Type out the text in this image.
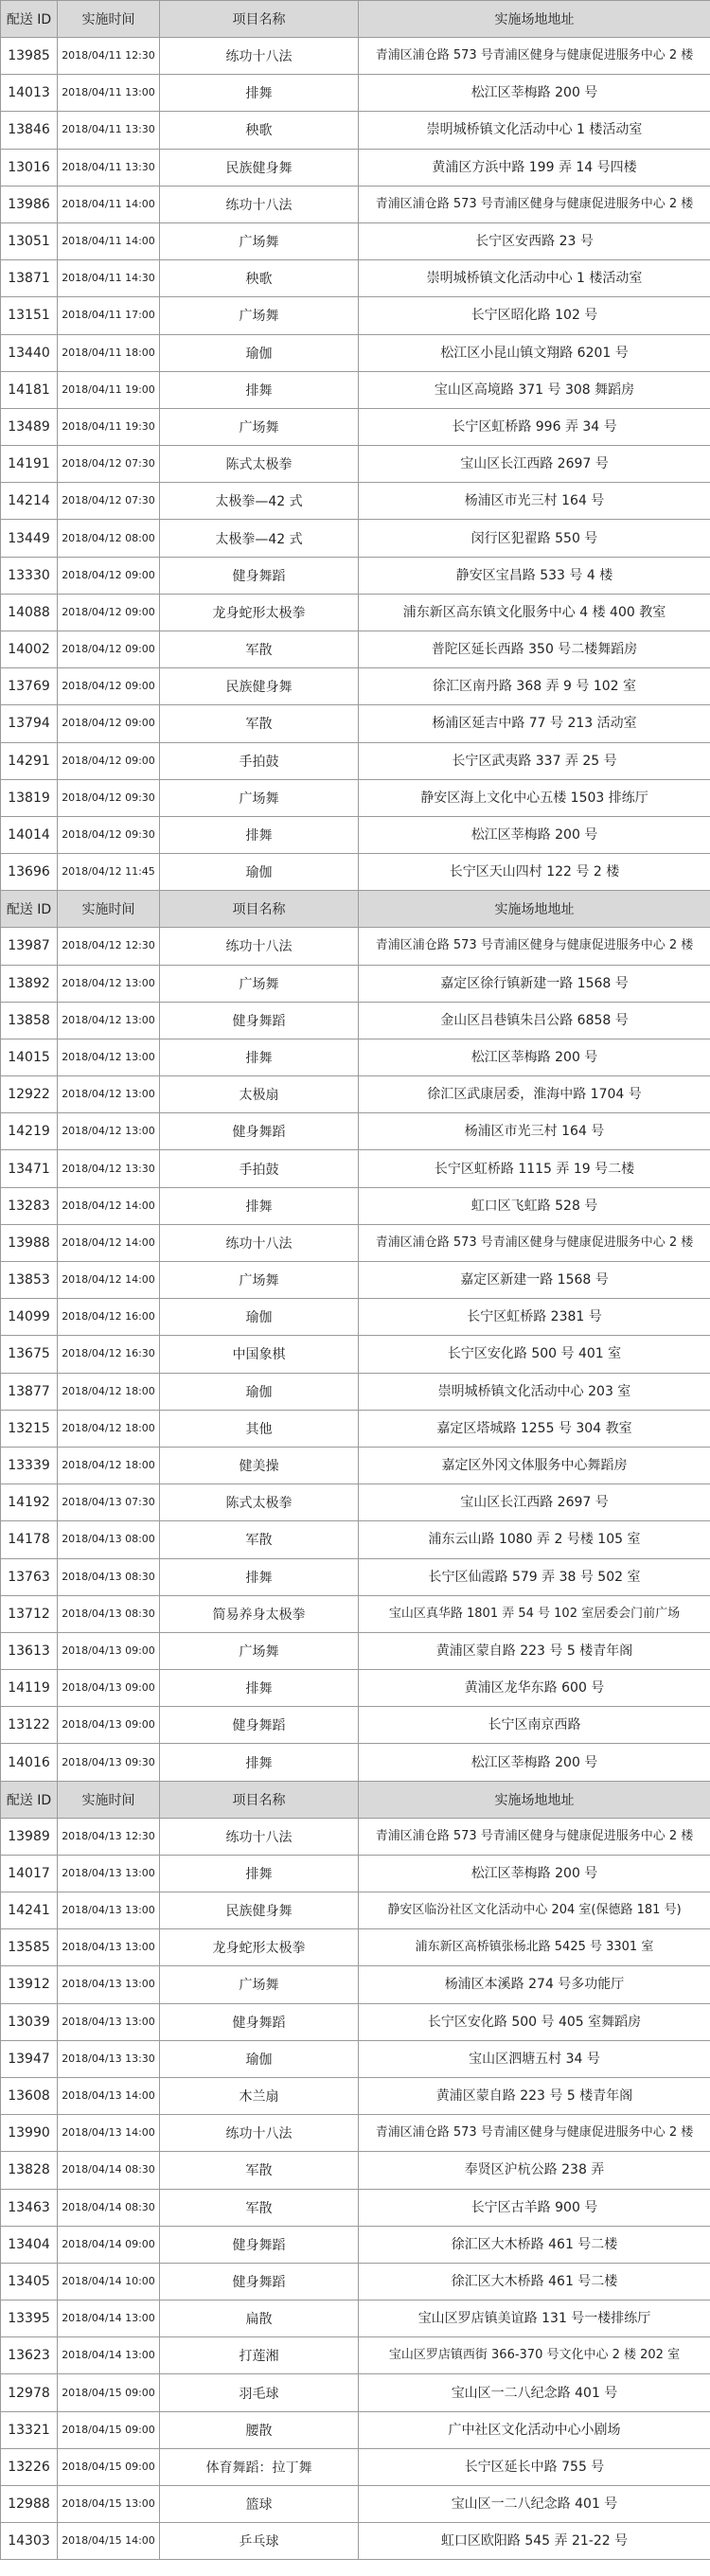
配送 ID	实施时间	项目名称	实施场地地址
13985	2018/04/11 12:30	练功十八法	青浦区浦仓路 573 号青浦区健身与健康促进服务中心 2 楼
14013	2018/04/11 13:00	排舞	松江区莘梅路 200 号
13846	2018/04/11 13:30	秧歌	崇明城桥镇文化活动中心 1 楼活动室
13016	2018/04/11 13:30	民族健身舞	黄浦区方浜中路 199 弄 14 号四楼
13986	2018/04/11 14:00	练功十八法	青浦区浦仓路 573 号青浦区健身与健康促进服务中心 2 楼
13051	2018/04/11 14:00	广场舞	长宁区安西路 23 号
13871	2018/04/11 14:30	秧歌	崇明城桥镇文化活动中心 1 楼活动室
13151	2018/04/11 17:00	广场舞	长宁区昭化路 102 号
13440	2018/04/11 18:00	瑜伽	松江区小昆山镇文翔路 6201 号
14181	2018/04/11 19:00	排舞	宝山区高境路 371 号 308 舞蹈房
13489	2018/04/11 19:30	广场舞	长宁区虹桥路 996 弄 34 号
14191	2018/04/12 07:30	陈式太极拳	宝山区长江西路 2697 号
14214	2018/04/12 07:30	太极拳—42 式	杨浦区市光三村 164 号
13449	2018/04/12 08:00	太极拳—42 式	闵行区犯翟路 550 号
13330	2018/04/12 09:00	健身舞蹈	静安区宝昌路 533 号 4 楼
14088	2018/04/12 09:00	龙身蛇形太极拳	浦东新区高东镇文化服务中心 4 楼 400 教室
14002	2018/04/12 09:00	军散	普陀区延长西路 350 号二楼舞蹈房
13769	2018/04/12 09:00	民族健身舞	徐汇区南丹路 368 弄 9 号 102 室
13794	2018/04/12 09:00	军散	杨浦区延吉中路 77 号 213 活动室
14291	2018/04/12 09:00	手拍鼓	长宁区武夷路 337 弄 25 号
13819	2018/04/12 09:30	广场舞	静安区海上文化中心五楼 1503 排练厅
14014	2018/04/12 09:30	排舞	松江区莘梅路 200 号
13696	2018/04/12 11:45	瑜伽	长宁区天山四村 122 号 2 楼
配送 ID	实施时间	项目名称	实施场地地址
13987	2018/04/12 12:30	练功十八法	青浦区浦仓路 573 号青浦区健身与健康促进服务中心 2 楼
13892	2018/04/12 13:00	广场舞	嘉定区徐行镇新建一路 1568 号
13858	2018/04/12 13:00	健身舞蹈	金山区吕巷镇朱吕公路 6858 号
14015	2018/04/12 13:00	排舞	松江区莘梅路 200 号
12922	2018/04/12 13:00	太极扇	徐汇区武康居委，淮海中路 1704 号
14219	2018/04/12 13:00	健身舞蹈	杨浦区市光三村 164 号
13471	2018/04/12 13:30	手拍鼓	长宁区虹桥路 1115 弄 19 号二楼
13283	2018/04/12 14:00	排舞	虹口区飞虹路 528 号
13988	2018/04/12 14:00	练功十八法	青浦区浦仓路 573 号青浦区健身与健康促进服务中心 2 楼
13853	2018/04/12 14:00	广场舞	嘉定区新建一路 1568 号
14099	2018/04/12 16:00	瑜伽	长宁区虹桥路 2381 号
13675	2018/04/12 16:30	中国象棋	长宁区安化路 500 号 401 室
13877	2018/04/12 18:00	瑜伽	崇明城桥镇文化活动中心 203 室
13215	2018/04/12 18:00	其他	嘉定区塔城路 1255 号 304 教室
13339	2018/04/12 18:00	健美操	嘉定区外冈文体服务中心舞蹈房
14192	2018/04/13 07:30	陈式太极拳	宝山区长江西路 2697 号
14178	2018/04/13 08:00	军散	浦东云山路 1080 弄 2 号楼 105 室
13763	2018/04/13 08:30	排舞	长宁区仙霞路 579 弄 38 号 502 室
13712	2018/04/13 08:30	简易养身太极拳	宝山区真华路 1801 弄 54 号 102 室居委会门前广场
13613	2018/04/13 09:00	广场舞	黄浦区蒙自路 223 号 5 楼青年阁
14119	2018/04/13 09:00	排舞	黄浦区龙华东路 600 号
13122	2018/04/13 09:00	健身舞蹈	长宁区南京西路
14016	2018/04/13 09:30	排舞	松江区莘梅路 200 号
配送 ID	实施时间	项目名称	实施场地地址
13989	2018/04/13 12:30	练功十八法	青浦区浦仓路 573 号青浦区健身与健康促进服务中心 2 楼
14017	2018/04/13 13:00	排舞	松江区莘梅路 200 号
14241	2018/04/13 13:00	民族健身舞	静安区临汾社区文化活动中心 204 室(保德路 181 号)
13585	2018/04/13 13:00	龙身蛇形太极拳	浦东新区高桥镇张杨北路 5425 号 3301 室
13912	2018/04/13 13:00	广场舞	杨浦区本溪路 274 号多功能厅
13039	2018/04/13 13:00	健身舞蹈	长宁区安化路 500 号 405 室舞蹈房
13947	2018/04/13 13:30	瑜伽	宝山区泗塘五村 34 号
13608	2018/04/13 14:00	木兰扇	黄浦区蒙自路 223 号 5 楼青年阁
13990	2018/04/13 14:00	练功十八法	青浦区浦仓路 573 号青浦区健身与健康促进服务中心 2 楼
13828	2018/04/14 08:30	军散	奉贤区沪杭公路 238 弄
13463	2018/04/14 08:30	军散	长宁区古羊路 900 号
13404	2018/04/14 09:00	健身舞蹈	徐汇区大木桥路 461 号二楼
13405	2018/04/14 10:00	健身舞蹈	徐汇区大木桥路 461 号二楼
13395	2018/04/14 13:00	扁散	宝山区罗店镇美谊路 131 号一楼排练厅
13623	2018/04/14 13:00	打莲湘	宝山区罗店镇西街 366-370 号文化中心 2 楼 202 室
12978	2018/04/15 09:00	羽毛球	宝山区一二八纪念路 401 号
13321	2018/04/15 09:00	腰散	广中社区文化活动中心小剧场
13226	2018/04/15 09:00	体育舞蹈：拉丁舞	长宁区延长中路 755 号
12988	2018/04/15 13:00	篮球	宝山区一二八纪念路 401 号
14303	2018/04/15 14:00	乒乓球	虹口区欧阳路 545 弄 21-22 号
